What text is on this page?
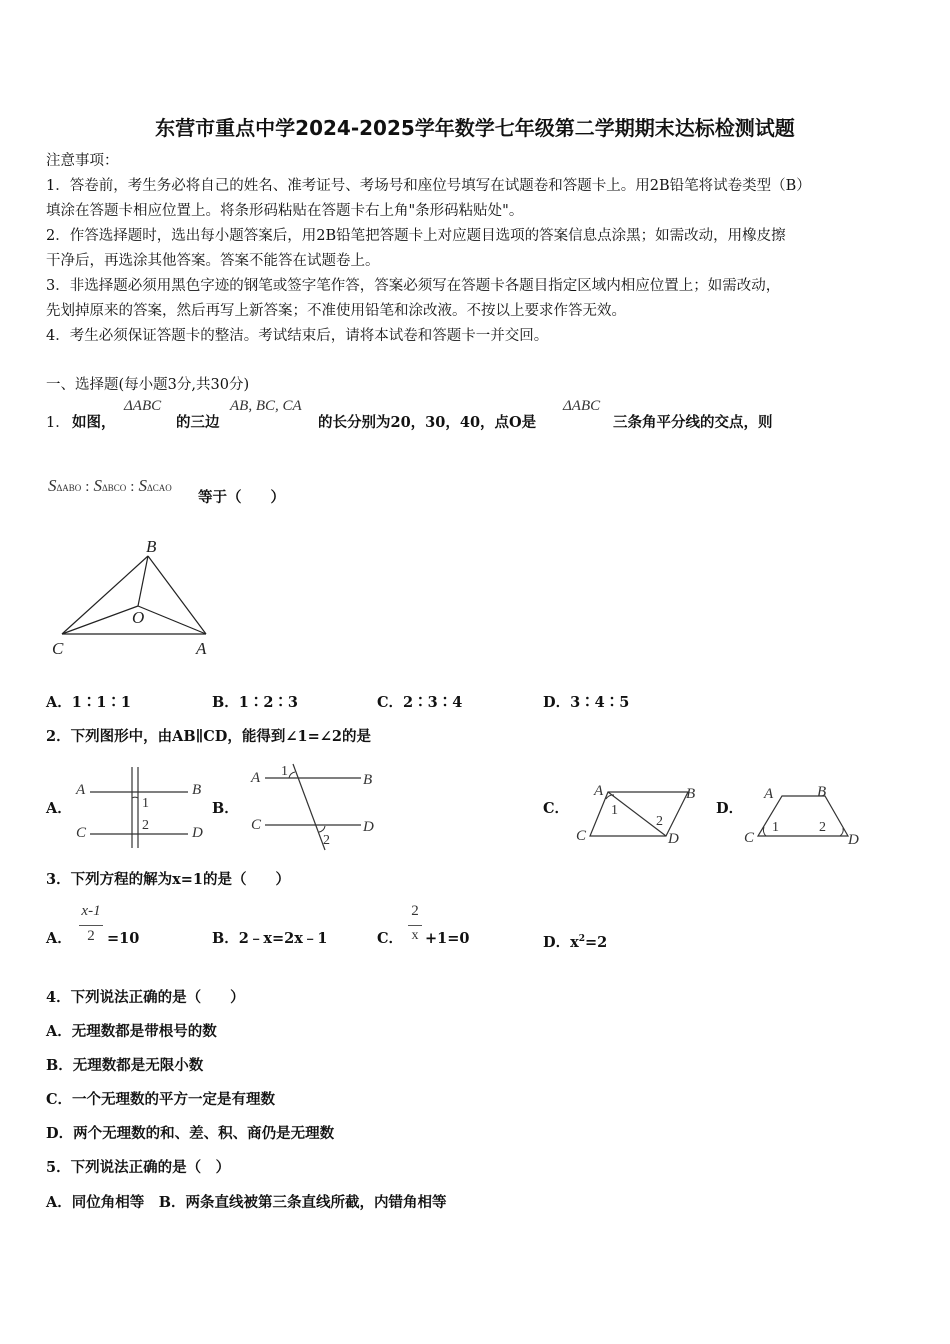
东营市重点中学2024-2025学年数学七年级第二学期期末达标检测试题
注意事项：
1．答卷前，考生务必将自己的姓名、准考证号、考场号和座位号填写在试题卷和答题卡上。用2B铅笔将试卷类型（B）
填涂在答题卡相应位置上。将条形码粘贴在答题卡右上角"条形码粘贴处"。
2．作答选择题时，选出每小题答案后，用2B铅笔把答题卡上对应题目选项的答案信息点涂黑；如需改动，用橡皮擦
干净后，再选涂其他答案。答案不能答在试题卷上。
3．非选择题必须用黑色字迹的钢笔或签字笔作答，答案必须写在答题卡各题目指定区域内相应位置上；如需改动，
先划掉原来的答案，然后再写上新答案；不准使用铅笔和涂改液。不按以上要求作答无效。
4．考生必须保证答题卡的整洁。考试结束后，请将本试卷和答题卡一并交回。
一、选择题(每小题3分,共30分)
1． 如图，
ΔABC
的三边
AB, BC, CA
的长分别为20，30，40，点O是
ΔABC
三条角平分线的交点，则
SΔABO : SΔBCO : SΔCAO
等于（　　）
B
O
C	A
A．1∶1∶1	B．1∶2∶3	C．2∶3∶4	D．3∶4∶5
2．下列图形中，由AB∥CD，能得到∠1=∠2的是
A．
A	B
C	D
1
2
B．
A	B
C	D
1
2
C．
A	B
C	D
1
2
D．
A	B
C	D
1	2
3．下列方程的解为x=1的是（　　）
A．
x-1
2 =10	B．2﹣x=2x﹣1	C．
2
x +1=0	D．$x^2=2$
4．下列说法正确的是（　　）
A．无理数都是带根号的数
B．无理数都是无限小数
C．一个无理数的平方一定是有理数
D．两个无理数的和、差、积、商仍是无理数
5．下列说法正确的是（　）
A．同位角相等　B．两条直线被第三条直线所截，内错角相等
